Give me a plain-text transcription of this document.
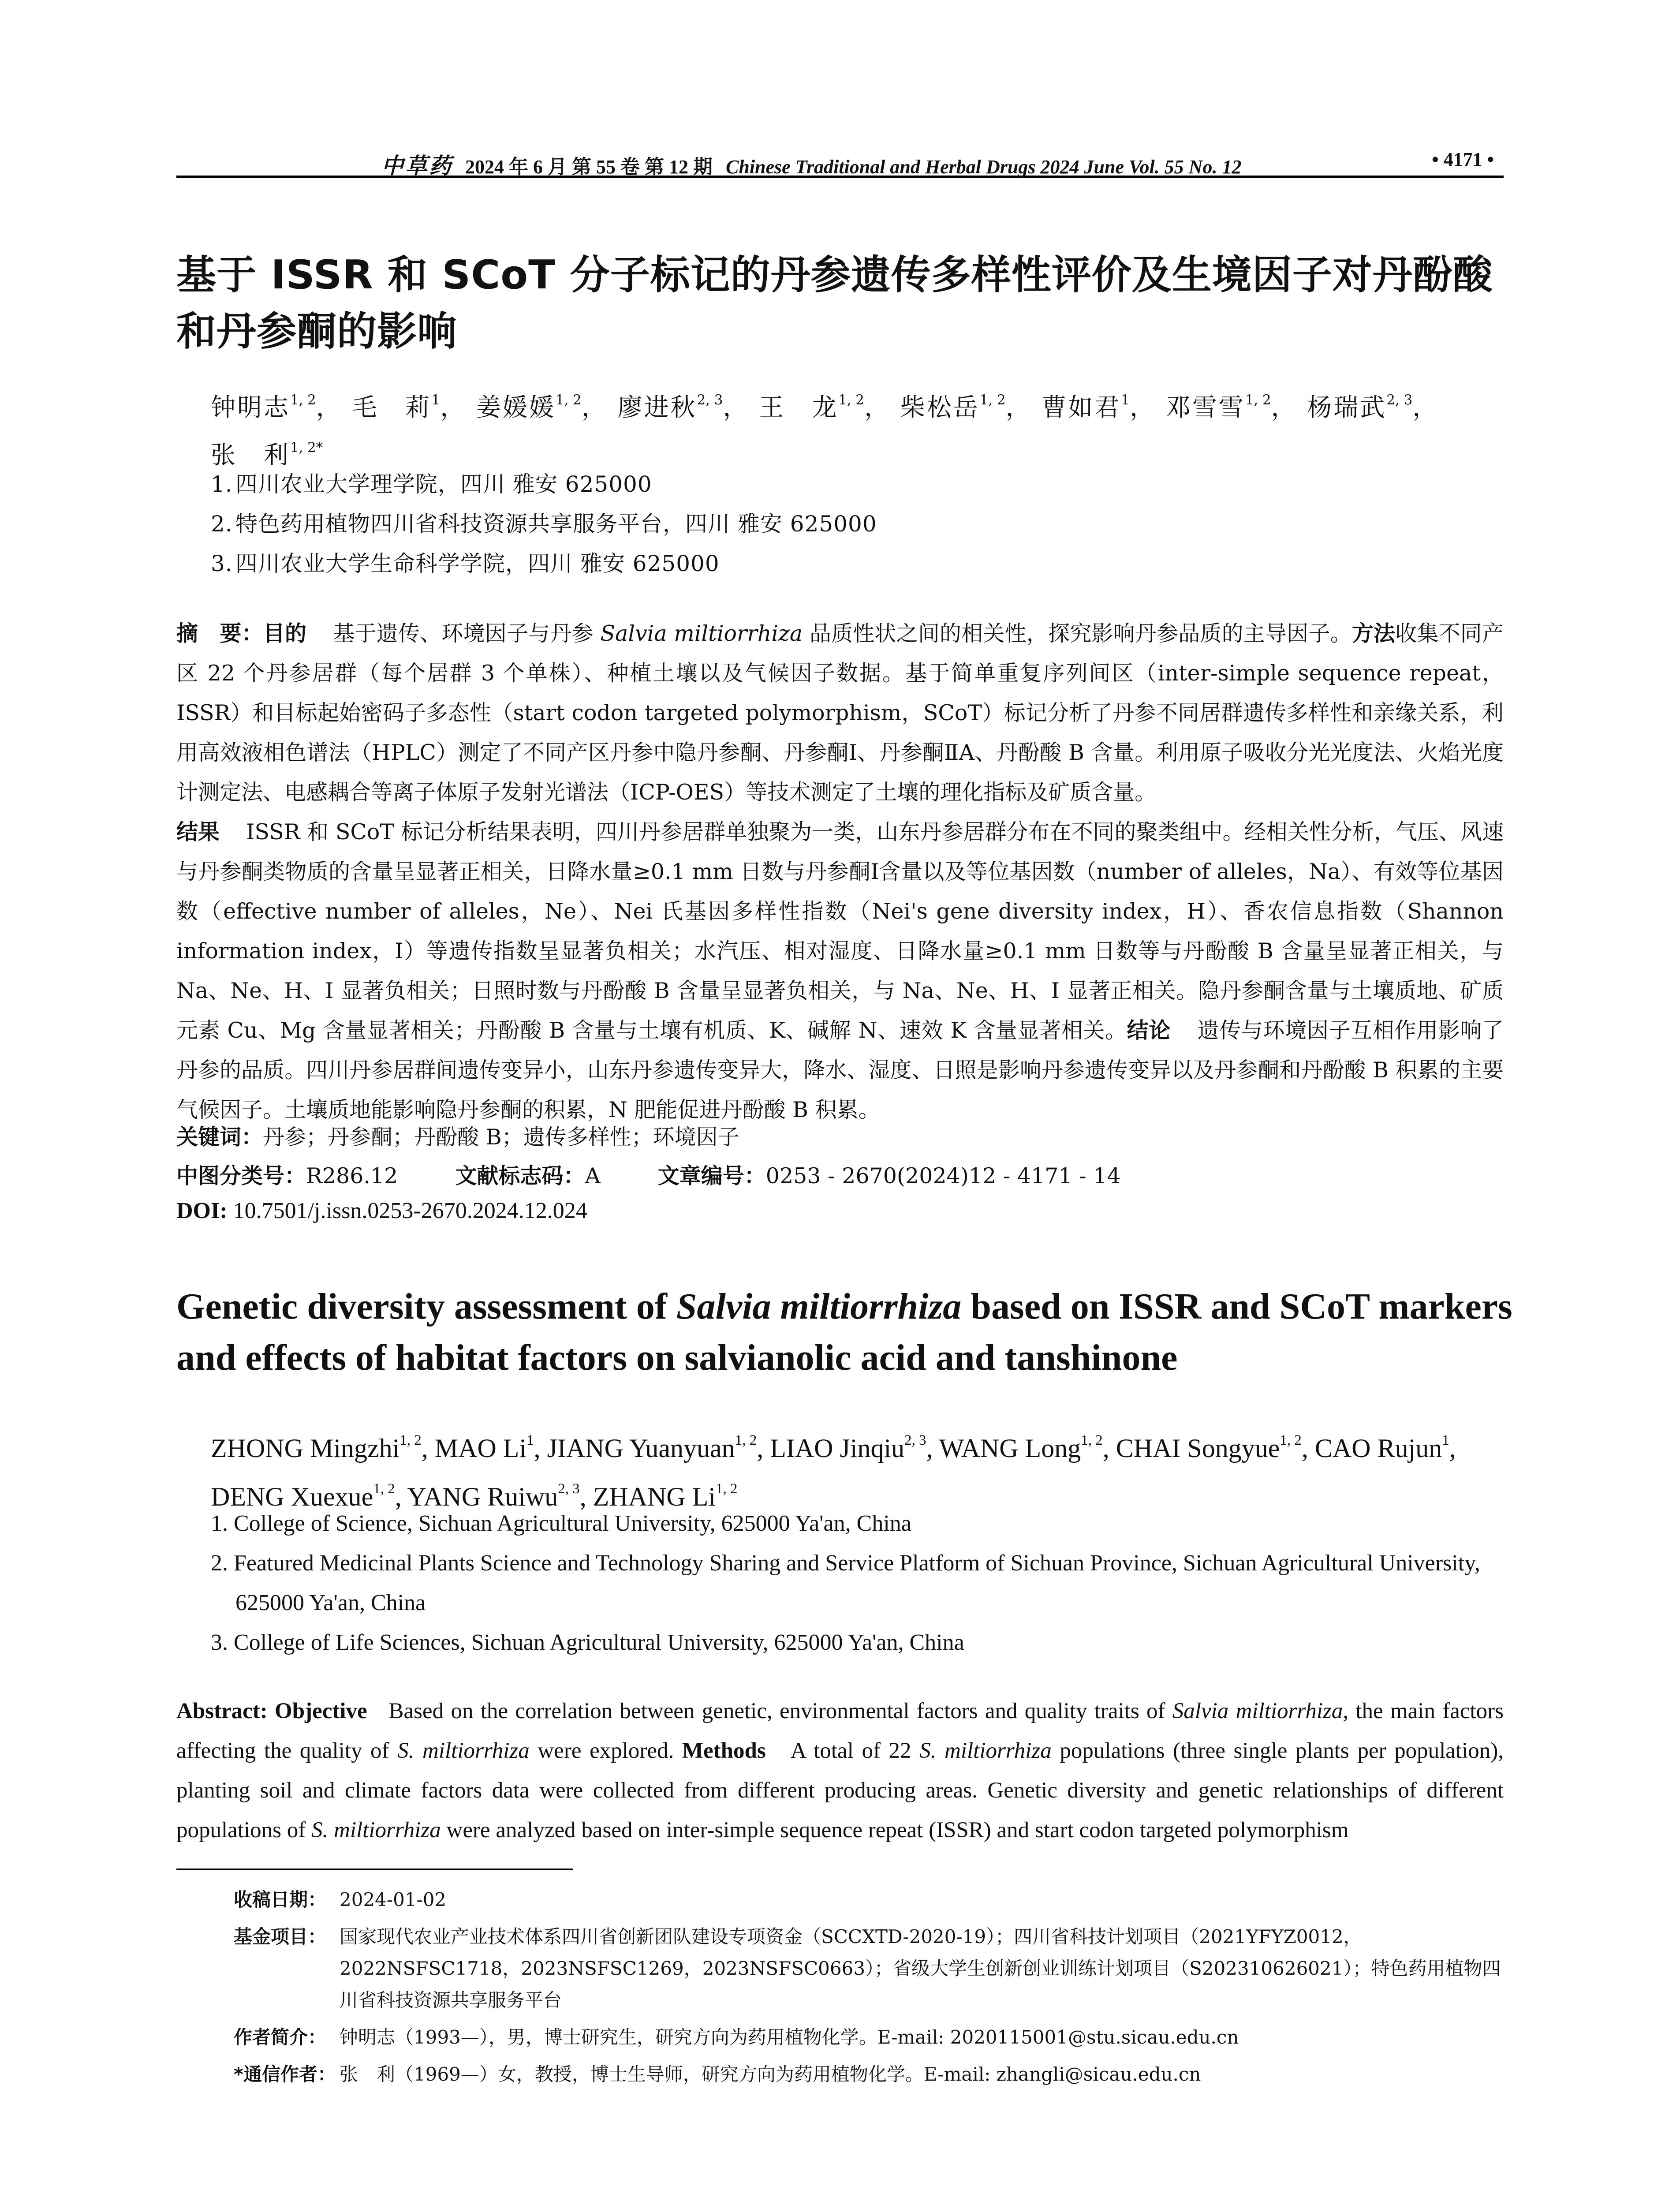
中草药 2024 年 6 月 第 55 卷 第 12 期 Chinese Traditional and Herbal Drugs 2024 June Vol. 55 No. 12	• 4171 •
基于 ISSR 和 SCoT 分子标记的丹参遗传多样性评价及生境因子对丹酚酸和丹参酮的影响
钟明志$^{1, 2}$， 毛　莉$^1$， 姜媛媛$^{1, 2}$， 廖进秋$^{2, 3}$， 王　龙$^{1, 2}$， 柴松岳$^{1, 2}$， 曹如君$^1$， 邓雪雪$^{1, 2}$， 杨瑞武$^{2, 3}$，
张　利$^{1, 2*}$
1. 四川农业大学理学院，四川 雅安 625000
2. 特色药用植物四川省科技资源共享服务平台，四川 雅安 625000
3. 四川农业大学生命科学学院，四川 雅安 625000
摘　要：目的 基于遗传、环境因子与丹参 Salvia miltiorrhiza 品质性状之间的相关性，探究影响丹参品质的主导因子。方法收集不同产区 22 个丹参居群（每个居群 3 个单株）、种植土壤以及气候因子数据。基于简单重复序列间区（inter-simple sequence repeat，ISSR）和目标起始密码子多态性（start codon targeted polymorphism，SCoT）标记分析了丹参不同居群遗传多样性和亲缘关系，利用高效液相色谱法（HPLC）测定了不同产区丹参中隐丹参酮、丹参酮Ⅰ、丹参酮ⅡA、丹酚酸 B 含量。利用原子吸收分光光度法、火焰光度计测定法、电感耦合等离子体原子发射光谱法（ICP-OES）等技术测定了土壤的理化指标及矿质含量。
结果 ISSR 和 SCoT 标记分析结果表明，四川丹参居群单独聚为一类，山东丹参居群分布在不同的聚类组中。经相关性分析，气压、风速与丹参酮类物质的含量呈显著正相关，日降水量≥0.1 mm 日数与丹参酮Ⅰ含量以及等位基因数（number of alleles，Na）、有效等位基因数（effective number of alleles，Ne）、Nei 氏基因多样性指数（Nei's gene diversity index，H）、香农信息指数（Shannon information index，I）等遗传指数呈显著负相关；水汽压、相对湿度、日降水量≥0.1 mm 日数等与丹酚酸 B 含量呈显著正相关，与 Na、Ne、H、I 显著负相关；日照时数与丹酚酸 B 含量呈显著负相关，与 Na、Ne、H、I 显著正相关。隐丹参酮含量与土壤质地、矿质元素 Cu、Mg 含量显著相关；丹酚酸 B 含量与土壤有机质、K、碱解 N、速效 K 含量显著相关。结论 遗传与环境因子互相作用影响了丹参的品质。四川丹参居群间遗传变异小，山东丹参遗传变异大，降水、湿度、日照是影响丹参遗传变异以及丹参酮和丹酚酸 B 积累的主要气候因子。土壤质地能影响隐丹参酮的积累，N 肥能促进丹酚酸 B 积累。
关键词：丹参；丹参酮；丹酚酸 B；遗传多样性；环境因子
中图分类号：R286.12	文献标志码：A	文章编号：0253 - 2670(2024)12 - 4171 - 14
DOI: 10.7501/j.issn.0253-2670.2024.12.024
Genetic diversity assessment of Salvia miltiorrhiza based on ISSR and SCoT markers and effects of habitat factors on salvianolic acid and tanshinone
ZHONG Mingzhi$^{1, 2}$, MAO Li$^1$, JIANG Yuanyuan$^{1, 2}$, LIAO Jinqiu$^{2, 3}$, WANG Long$^{1, 2}$, CHAI Songyue$^{1, 2}$, CAO Rujun$^1$, DENG Xuexue$^{1, 2}$, YANG Ruiwu$^{2, 3}$, ZHANG Li$^{1, 2}$
1. College of Science, Sichuan Agricultural University, 625000 Ya'an, China
2. Featured Medicinal Plants Science and Technology Sharing and Service Platform of Sichuan Province, Sichuan Agricultural University, 625000 Ya'an, China
3. College of Life Sciences, Sichuan Agricultural University, 625000 Ya'an, China
Abstract: Objective Based on the correlation between genetic, environmental factors and quality traits of Salvia miltiorrhiza, the main factors affecting the quality of S. miltiorrhiza were explored. Methods A total of 22 S. miltiorrhiza populations (three single plants per population), planting soil and climate factors data were collected from different producing areas. Genetic diversity and genetic relationships of different populations of S. miltiorrhiza were analyzed based on inter-simple sequence repeat (ISSR) and start codon targeted polymorphism
收稿日期： 2024-01-02
基金项目： 国家现代农业产业技术体系四川省创新团队建设专项资金（SCCXTD-2020-19）；四川省科技计划项目（2021YFYZ0012，2022NSFSC1718，2023NSFSC1269，2023NSFSC0663）；省级大学生创新创业训练计划项目（S202310626021）；特色药用植物四川省科技资源共享服务平台
作者简介： 钟明志（1993—），男，博士研究生，研究方向为药用植物化学。E-mail: 2020115001@stu.sicau.edu.cn
*通信作者： 张　利（1969—）女，教授，博士生导师，研究方向为药用植物化学。E-mail: zhangli@sicau.edu.cn
